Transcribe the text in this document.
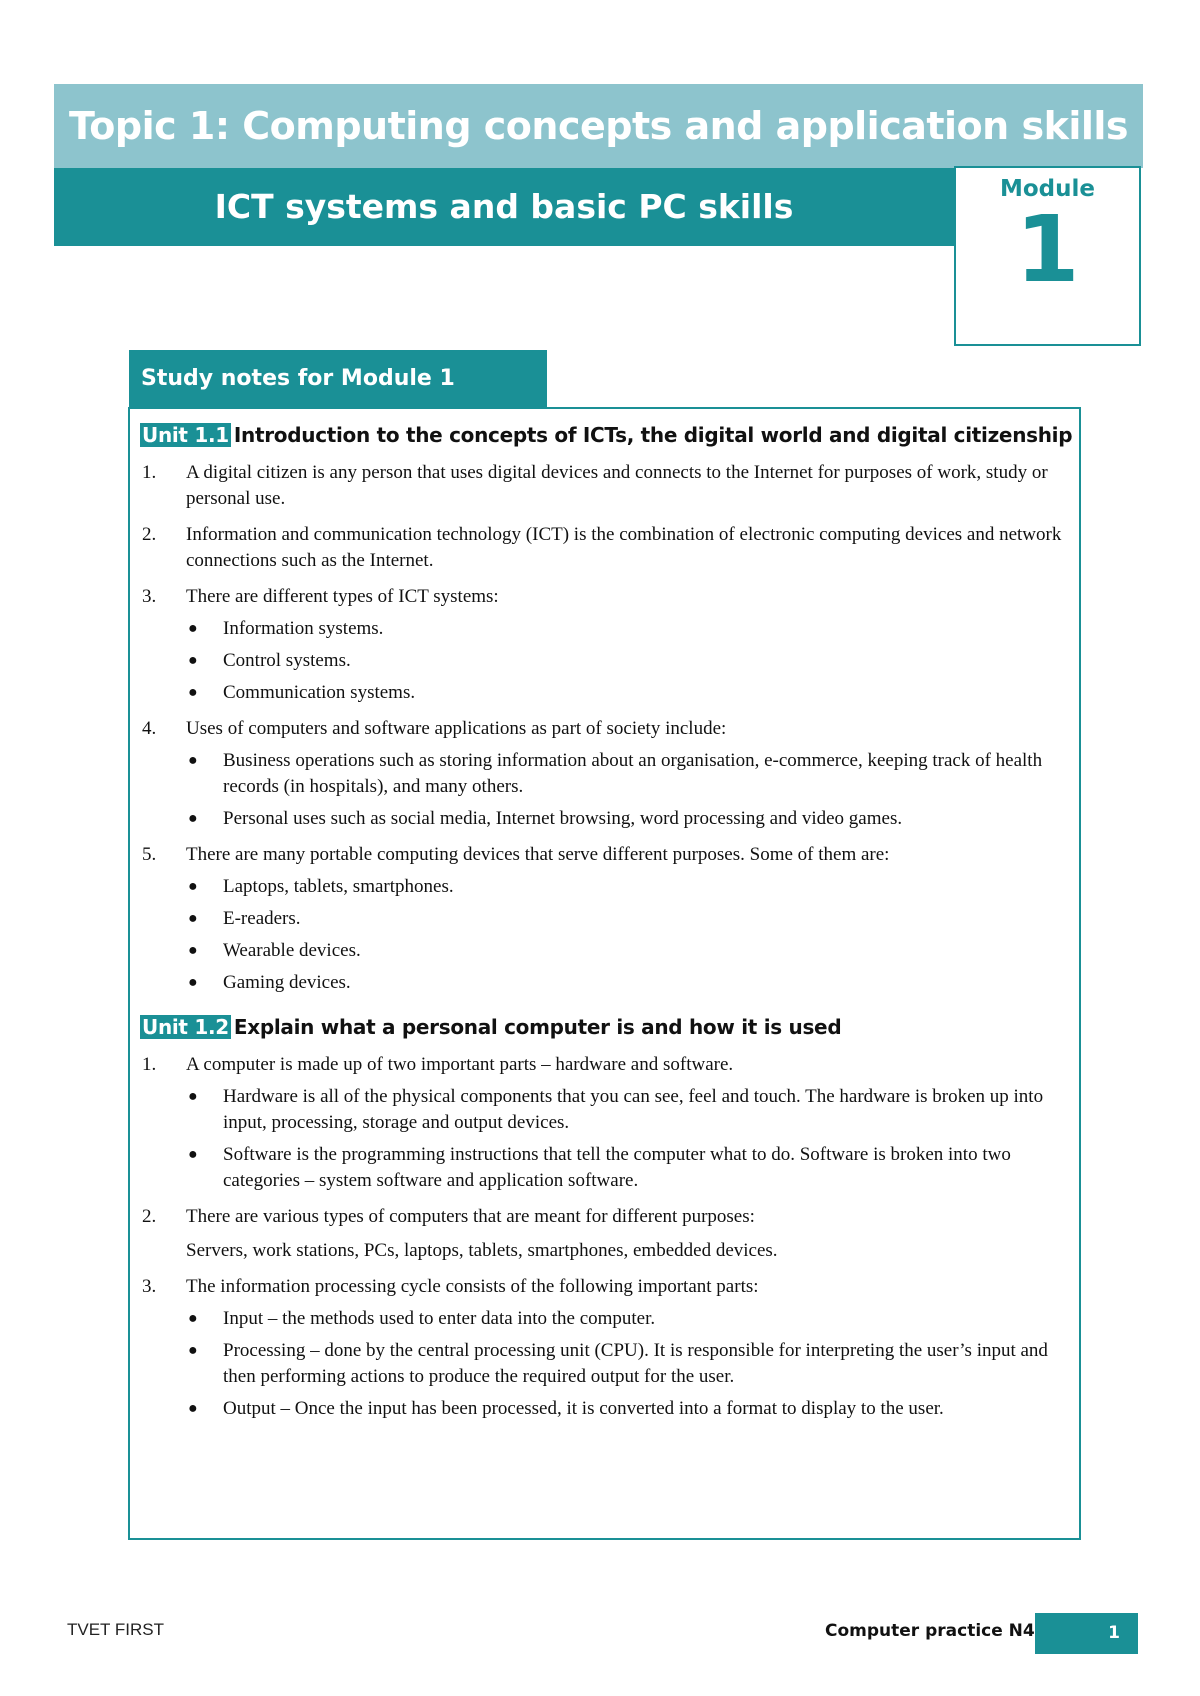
Topic 1: Computing concepts and application skills
ICT systems and basic PC skills	Module
1
Study notes for Module 1
Unit 1.1 Introduction to the concepts of ICTs, the digital world and digital citizenship
1. A digital citizen is any person that uses digital devices and connects to the Internet for purposes of work, study or personal use.
2. Information and communication technology (ICT) is the combination of electronic computing devices and network connections such as the Internet.
3. There are different types of ICT systems:
● Information systems.
● Control systems.
● Communication systems.
4. Uses of computers and software applications as part of society include:
● Business operations such as storing information about an organisation, e-commerce, keeping track of health records (in hospitals), and many others.
● Personal uses such as social media, Internet browsing, word processing and video games.
5. There are many portable computing devices that serve different purposes. Some of them are:
● Laptops, tablets, smartphones.
● E-readers.
● Wearable devices.
● Gaming devices.
Unit 1.2 Explain what a personal computer is and how it is used
1. A computer is made up of two important parts – hardware and software.
● Hardware is all of the physical components that you can see, feel and touch. The hardware is broken up into input, processing, storage and output devices.
● Software is the programming instructions that tell the computer what to do. Software is broken into two categories – system software and application software.
2. There are various types of computers that are meant for different purposes:

Servers, work stations, PCs, laptops, tablets, smartphones, embedded devices.

3. The information processing cycle consists of the following important parts:
● Input – the methods used to enter data into the computer.
● Processing – done by the central processing unit (CPU). It is responsible for interpreting the user’s input and then performing actions to produce the required output for the user.
● Output – Once the input has been processed, it is converted into a format to display to the user.
TVET FIRST	Computer practice N4	1
